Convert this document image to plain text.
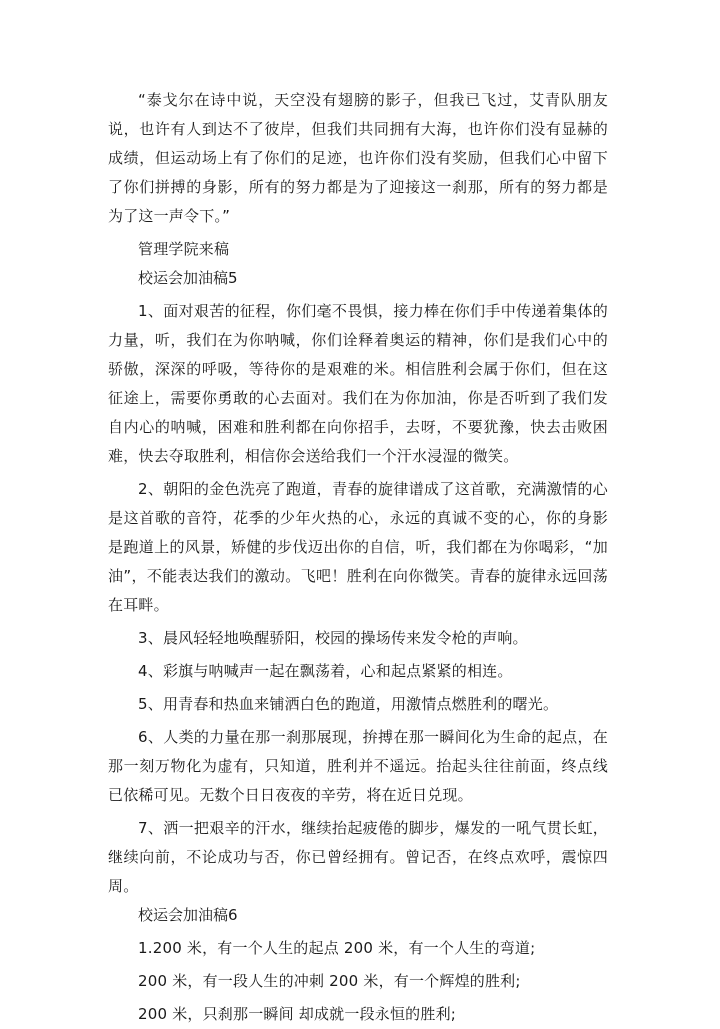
“泰戈尔在诗中说，天空没有翅膀的影子，但我已飞过，艾青队朋友说，也许有人到达不了彼岸，但我们共同拥有大海，也许你们没有显赫的成绩，但运动场上有了你们的足迹，也许你们没有奖励，但我们心中留下了你们拼搏的身影，所有的努力都是为了迎接这一刹那，所有的努力都是为了这一声令下。”

管理学院来稿

校运会加油稿5

1、面对艰苦的征程，你们毫不畏惧，接力棒在你们手中传递着集体的力量，听，我们在为你呐喊，你们诠释着奥运的精神，你们是我们心中的骄傲，深深的呼吸，等待你的是艰难的米。相信胜利会属于你们，但在这征途上，需要你勇敢的心去面对。我们在为你加油，你是否听到了我们发自内心的呐喊，困难和胜利都在向你招手，去呀，不要犹豫，快去击败困难，快去夺取胜利，相信你会送给我们一个汗水浸湿的微笑。

2、朝阳的金色洗亮了跑道，青春的旋律谱成了这首歌，充满激情的心是这首歌的音符，花季的少年火热的心，永远的真诚不变的心，你的身影是跑道上的风景，矫健的步伐迈出你的自信，听，我们都在为你喝彩，“加油”，不能表达我们的激动。飞吧！胜利在向你微笑。青春的旋律永远回荡在耳畔。

3、晨风轻轻地唤醒骄阳，校园的操场传来发令枪的声响。

4、彩旗与呐喊声一起在飘荡着，心和起点紧紧的相连。

5、用青春和热血来铺洒白色的跑道，用激情点燃胜利的曙光。

6、人类的力量在那一刹那展现，拚搏在那一瞬间化为生命的起点，在那一刻万物化为虚有，只知道，胜利并不遥远。抬起头往往前面，终点线已依稀可见。无数个日日夜夜的辛劳，将在近日兑现。

7、洒一把艰辛的汗水，继续抬起疲倦的脚步，爆发的一吼气贯长虹，继续向前，不论成功与否，你已曾经拥有。曾记否，在终点欢呼，震惊四周。

校运会加油稿6

1.200 米，有一个人生的起点 200 米，有一个人生的弯道;

200 米，有一段人生的冲刺 200 米，有一个辉煌的胜利;

200 米，只刹那一瞬间 却成就一段永恒的胜利;
